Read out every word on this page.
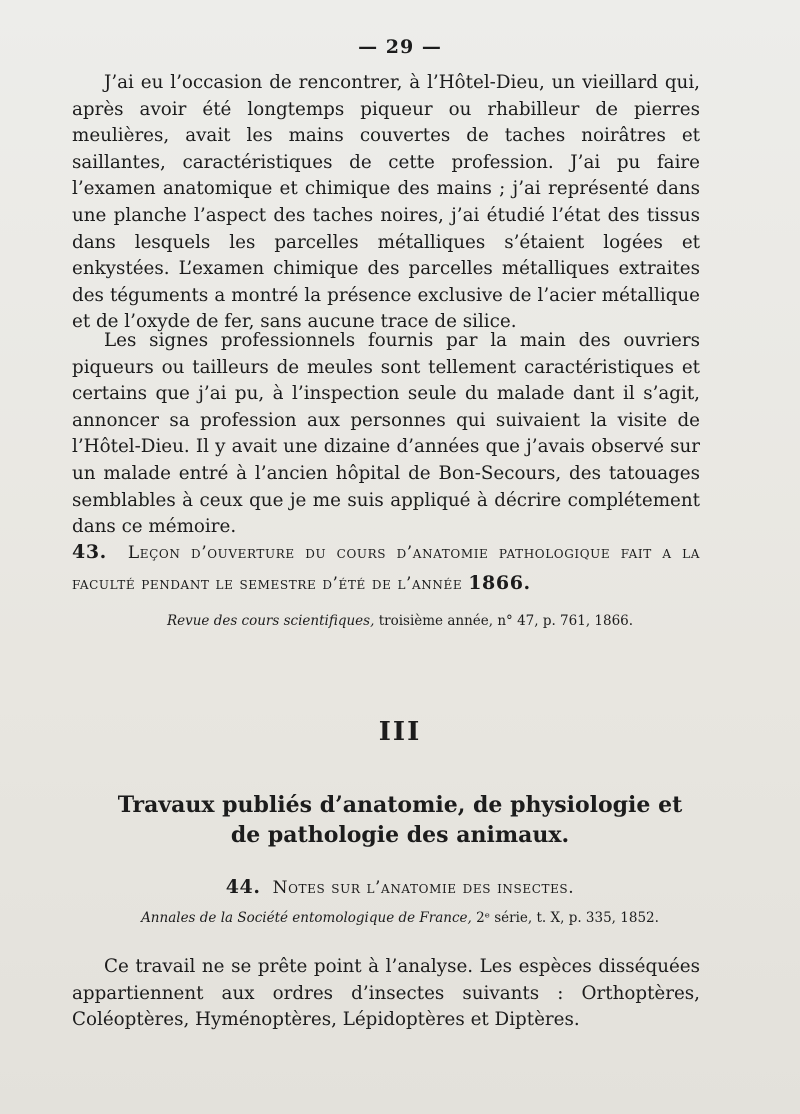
— 29 —

J’ai eu l’occasion de rencontrer, à l’Hôtel-Dieu, un vieillard qui, après avoir été longtemps piqueur ou rhabilleur de pierres meulières, avait les mains couvertes de taches noirâtres et saillantes, caractéristiques de cette profession. J’ai pu faire l’examen anatomique et chimique des mains ; j’ai représenté dans une planche l’aspect des taches noires, j’ai étudié l’état des tissus dans lesquels les parcelles métalliques s’étaient logées et enkystées. L’examen chimique des parcelles métalliques extraites des téguments a montré la présence exclusive de l’acier métallique et de l’oxyde de fer, sans aucune trace de silice.

Les signes professionnels fournis par la main des ouvriers piqueurs ou tailleurs de meules sont tellement caractéristiques et certains que j’ai pu, à l’inspection seule du malade dant il s’agit, annoncer sa profession aux personnes qui suivaient la visite de l’Hôtel-Dieu. Il y avait une dizaine d’années que j’avais observé sur un malade entré à l’ancien hôpital de Bon-Secours, des tatouages semblables à ceux que je me suis appliqué à décrire complétement dans ce mémoire.

43. Leçon d’ouverture du cours d’anatomie pathologique fait a la
faculté pendant le semestre d’été de l’année 1866.
Revue des cours scientifiques, troisième année, n° 47, p. 761, 1866.
III
Travaux publiés d’anatomie, de physiologie et de pathologie des animaux.
44. Notes sur l’anatomie des insectes.
Annales de la Société entomologique de France, 2ᵉ série, t. X, p. 335, 1852.

Ce travail ne se prête point à l’analyse. Les espèces disséquées appartiennent aux ordres d’insectes suivants : Orthoptères, Coléoptères, Hyménoptères, Lépidoptères et Diptères.
